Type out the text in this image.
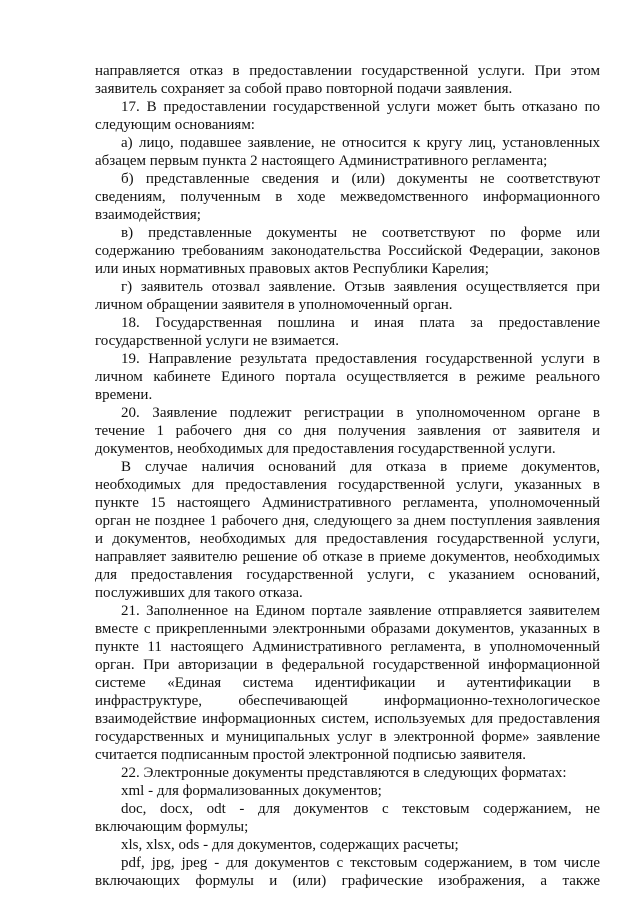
направляется отказ в предоставлении государственной услуги. При этом
заявитель сохраняет за собой право повторной подачи заявления.
17. В предоставлении государственной услуги может быть отказано по
следующим основаниям:
а) лицо, подавшее заявление, не относится к кругу лиц, установленных
абзацем первым пункта 2 настоящего Административного регламента;
б) представленные сведения и (или) документы не соответствуют
сведениям, полученным в ходе межведомственного информационного
взаимодействия;
в) представленные документы не соответствуют по форме или
содержанию требованиям законодательства Российской Федерации, законов
или иных нормативных правовых актов Республики Карелия;
г) заявитель отозвал заявление. Отзыв заявления осуществляется при
личном обращении заявителя в уполномоченный орган.
18. Государственная пошлина и иная плата за предоставление
государственной услуги не взимается.
19. Направление результата предоставления государственной услуги в
личном кабинете Единого портала осуществляется в режиме реального
времени.
20. Заявление подлежит регистрации в уполномоченном органе в
течение 1 рабочего дня со дня получения заявления от заявителя и
документов, необходимых для предоставления государственной услуги.
В случае наличия оснований для отказа в приеме документов,
необходимых для предоставления государственной услуги, указанных в
пункте 15 настоящего Административного регламента, уполномоченный
орган не позднее 1 рабочего дня, следующего за днем поступления заявления
и документов, необходимых для предоставления государственной услуги,
направляет заявителю решение об отказе в приеме документов, необходимых
для предоставления государственной услуги, с указанием оснований,
послуживших для такого отказа.
21. Заполненное на Едином портале заявление отправляется заявителем
вместе с прикрепленными электронными образами документов, указанных в
пункте 11 настоящего Административного регламента, в уполномоченный
орган. При авторизации в федеральной государственной информационной
системе «Единая система идентификации и аутентификации в
инфраструктуре, обеспечивающей информационно-технологическое
взаимодействие информационных систем, используемых для предоставления
государственных и муниципальных услуг в электронной форме» заявление
считается подписанным простой электронной подписью заявителя.
22. Электронные документы представляются в следующих форматах:
xml - для формализованных документов;
doc, docx, odt - для документов с текстовым содержанием, не
включающим формулы;
xls, xlsx, ods - для документов, содержащих расчеты;
pdf, jpg, jpeg - для документов с текстовым содержанием, в том числе
включающих формулы и (или) графические изображения, а также
